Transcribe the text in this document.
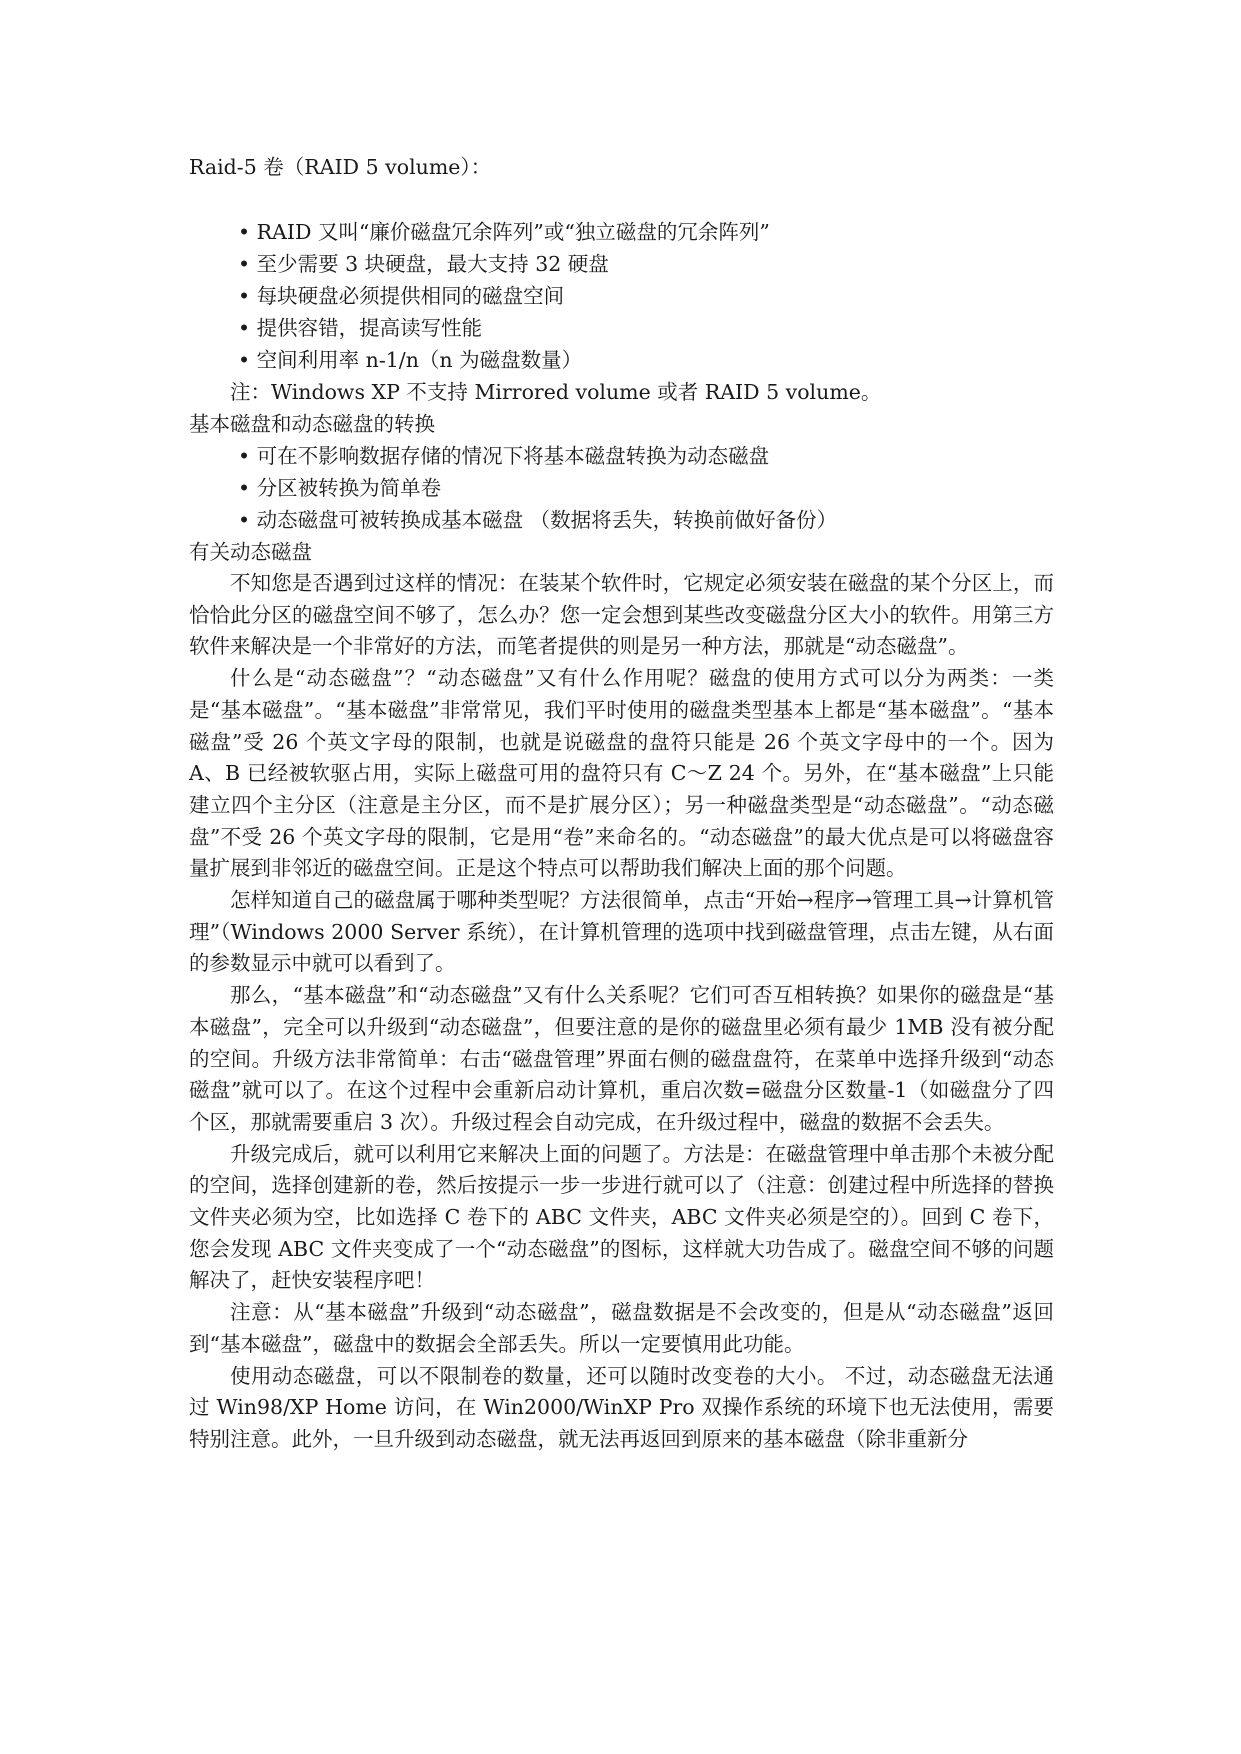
Raid-5 卷（RAID 5 volume）：
• RAID 又叫“廉价磁盘冗余阵列”或“独立磁盘的冗余阵列”
• 至少需要 3 块硬盘，最大支持 32 硬盘
• 每块硬盘必须提供相同的磁盘空间
• 提供容错，提高读写性能
• 空间利用率 n-1/n（n 为磁盘数量）
注：Windows XP 不支持 Mirrored volume 或者 RAID 5 volume。
基本磁盘和动态磁盘的转换
• 可在不影响数据存储的情况下将基本磁盘转换为动态磁盘
• 分区被转换为简单卷
• 动态磁盘可被转换成基本磁盘 （数据将丢失，转换前做好备份）
有关动态磁盘

不知您是否遇到过这样的情况：在装某个软件时，它规定必须安装在磁盘的某个分区上，而恰恰此分区的磁盘空间不够了，怎么办？您一定会想到某些改变磁盘分区大小的软件。用第三方软件来解决是一个非常好的方法，而笔者提供的则是另一种方法，那就是“动态磁盘”。

什么是“动态磁盘”？“动态磁盘”又有什么作用呢？磁盘的使用方式可以分为两类：一类是“基本磁盘”。“基本磁盘”非常常见，我们平时使用的磁盘类型基本上都是“基本磁盘”。“基本磁盘”受 26 个英文字母的限制，也就是说磁盘的盘符只能是 26 个英文字母中的一个。因为 A、B 已经被软驱占用，实际上磁盘可用的盘符只有 C～Z 24 个。另外，在“基本磁盘”上只能建立四个主分区（注意是主分区，而不是扩展分区）；另一种磁盘类型是“动态磁盘”。“动态磁盘”不受 26 个英文字母的限制，它是用“卷”来命名的。“动态磁盘”的最大优点是可以将磁盘容量扩展到非邻近的磁盘空间。正是这个特点可以帮助我们解决上面的那个问题。

怎样知道自己的磁盘属于哪种类型呢？方法很简单，点击“开始→程序→管理工具→计算机管理”（Windows 2000 Server 系统），在计算机管理的选项中找到磁盘管理，点击左键，从右面的参数显示中就可以看到了。

那么，“基本磁盘”和“动态磁盘”又有什么关系呢？它们可否互相转换？如果你的磁盘是“基本磁盘”，完全可以升级到“动态磁盘”，但要注意的是你的磁盘里必须有最少 1MB 没有被分配的空间。升级方法非常简单：右击“磁盘管理”界面右侧的磁盘盘符，在菜单中选择升级到“动态磁盘”就可以了。在这个过程中会重新启动计算机，重启次数=磁盘分区数量-1（如磁盘分了四个区，那就需要重启 3 次）。升级过程会自动完成，在升级过程中，磁盘的数据不会丢失。

升级完成后，就可以利用它来解决上面的问题了。方法是：在磁盘管理中单击那个未被分配的空间，选择创建新的卷，然后按提示一步一步进行就可以了（注意：创建过程中所选择的替换文件夹必须为空，比如选择 C 卷下的 ABC 文件夹，ABC 文件夹必须是空的）。回到 C 卷下，您会发现 ABC 文件夹变成了一个“动态磁盘”的图标，这样就大功告成了。磁盘空间不够的问题解决了，赶快安装程序吧！

注意：从“基本磁盘”升级到“动态磁盘”，磁盘数据是不会改变的，但是从“动态磁盘”返回到“基本磁盘”，磁盘中的数据会全部丢失。所以一定要慎用此功能。

使用动态磁盘，可以不限制卷的数量，还可以随时改变卷的大小。 不过，动态磁盘无法通过 Win98/XP Home 访问，在 Win2000/WinXP Pro 双操作系统的环境下也无法使用，需要特别注意。此外，一旦升级到动态磁盘，就无法再返回到原来的基本磁盘（除非重新分
